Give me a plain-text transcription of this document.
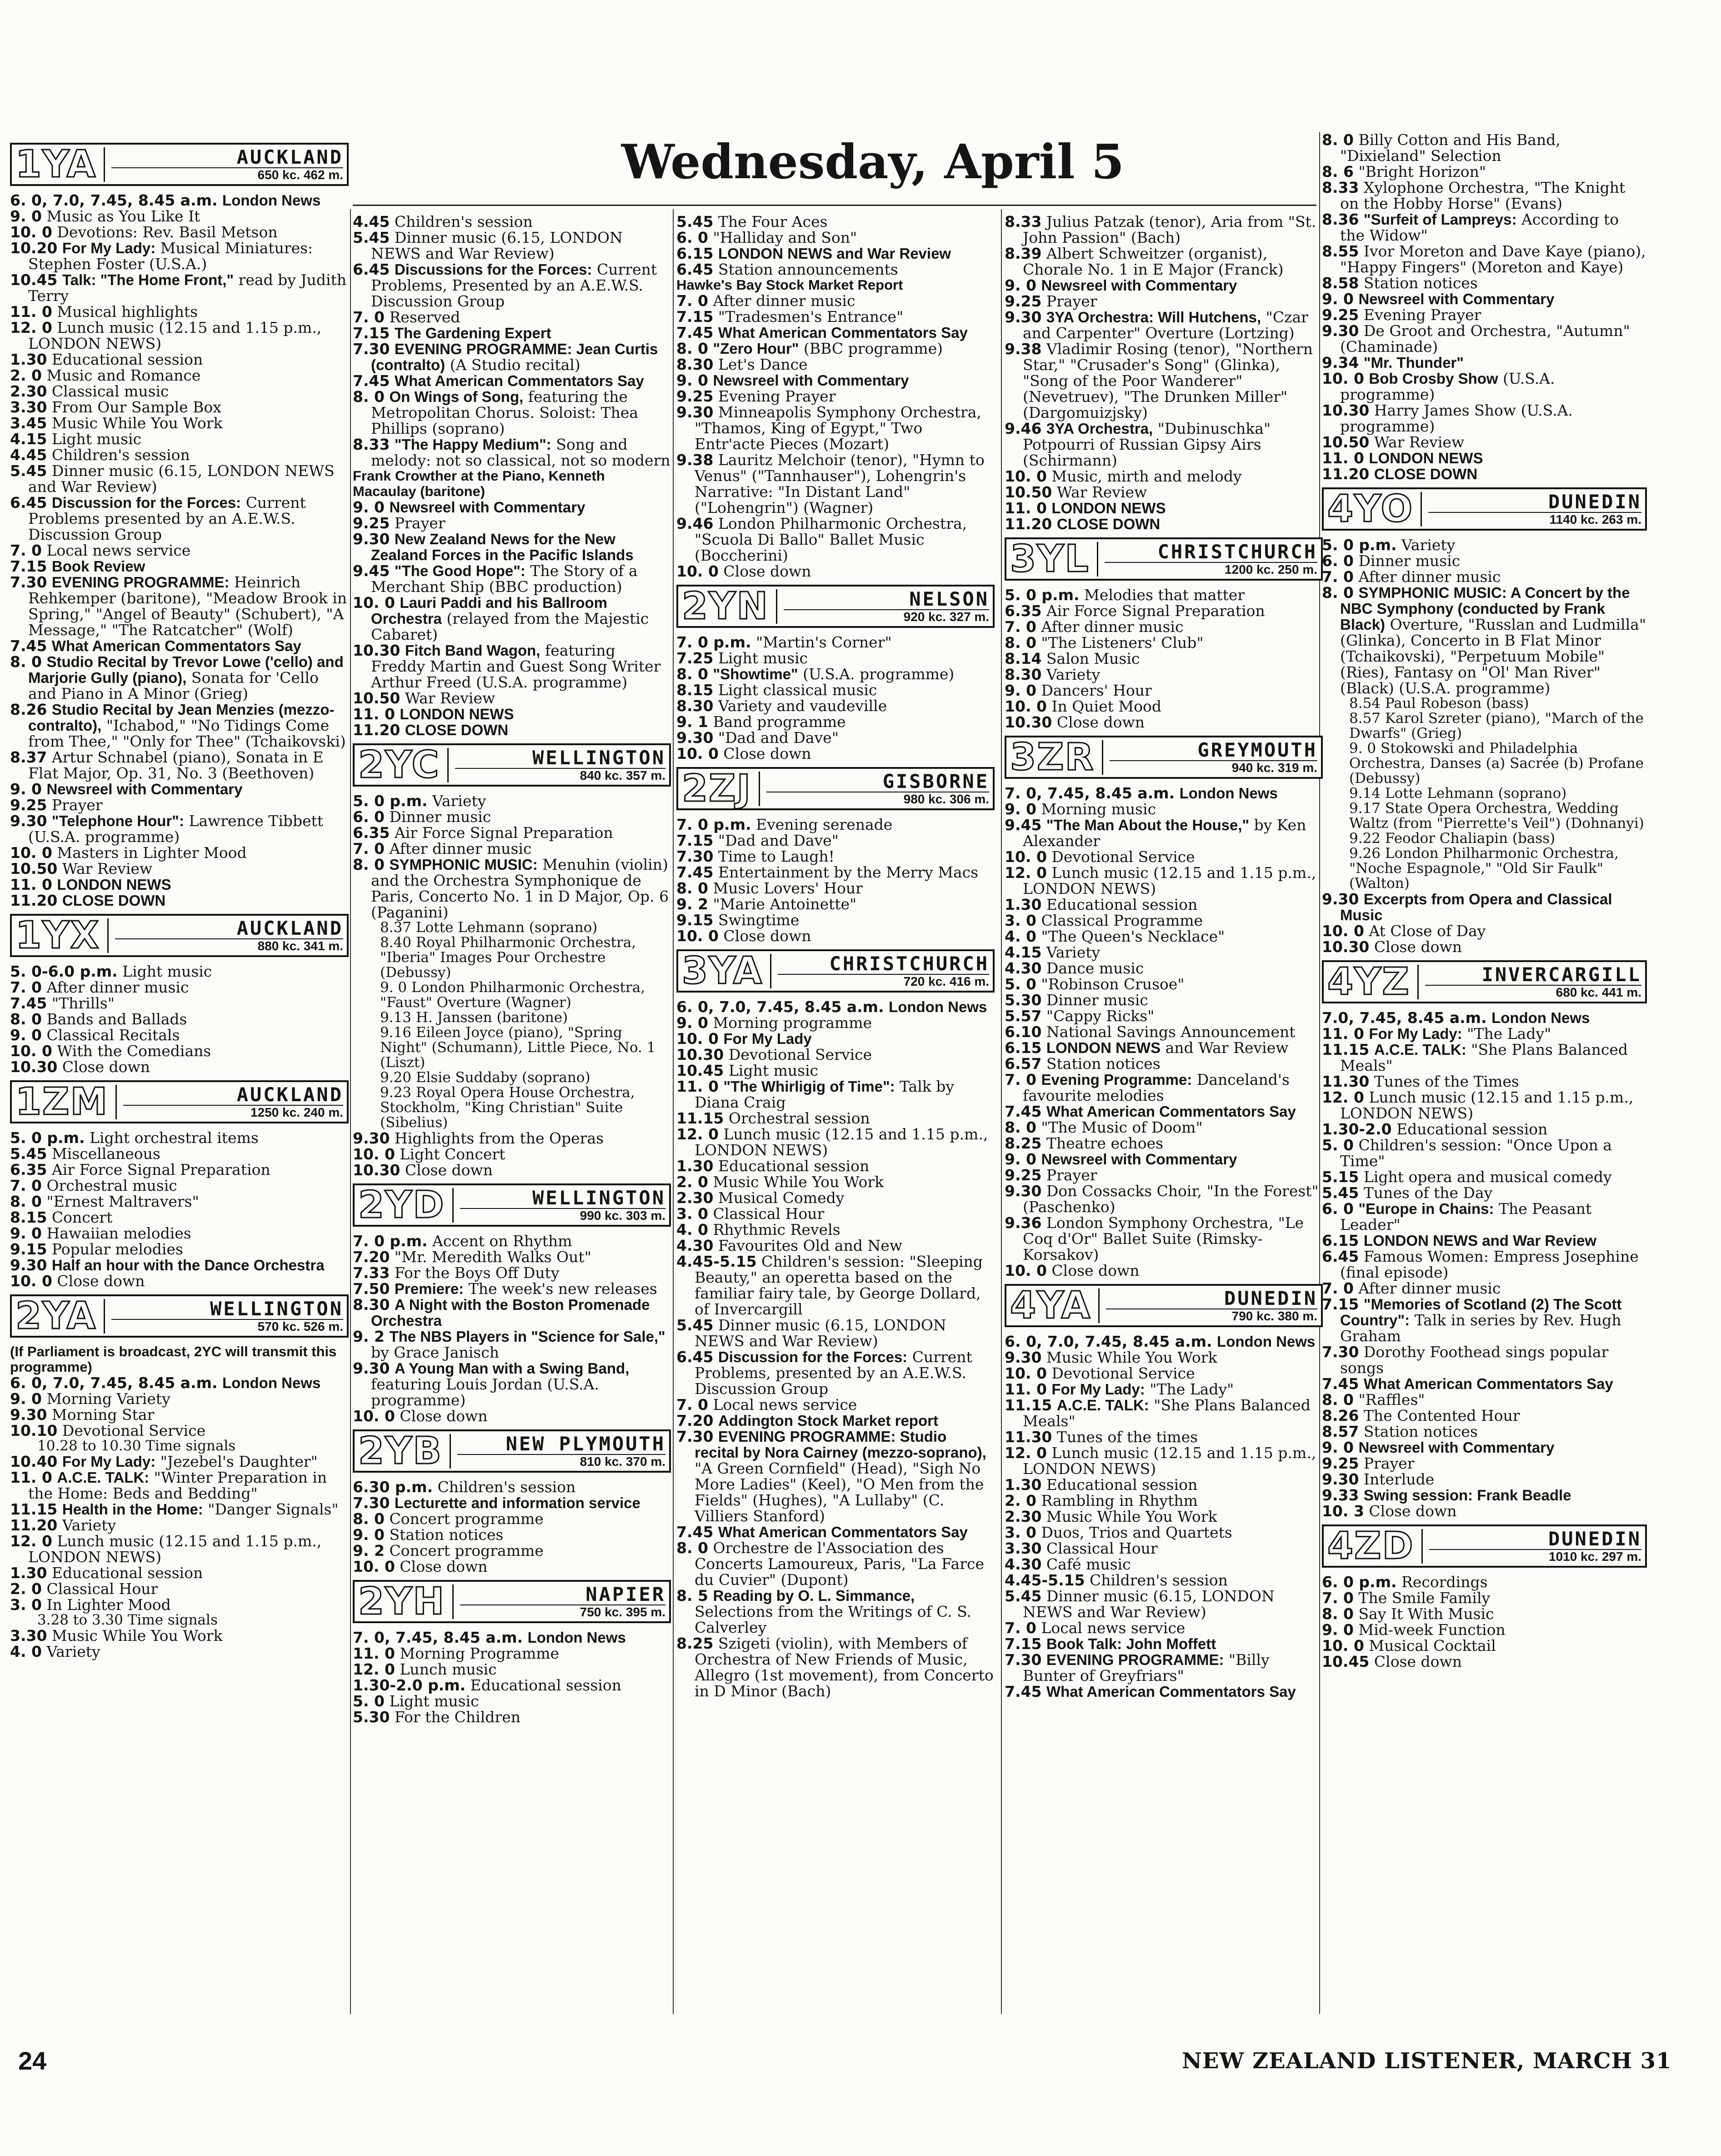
Wednesday, April 5
1YA	AUCKLAND
650 kc. 462 m.

6. 0, 7.0, 7.45, 8.45 a.m. London News

9. 0 Music as You Like It

10. 0 Devotions: Rev. Basil Metson

10.20 For My Lady: Musical Miniatures: Stephen Foster (U.S.A.)

10.45 Talk: "The Home Front," read by Judith Terry

11. 0 Musical highlights

12. 0 Lunch music (12.15 and 1.15 p.m., LONDON NEWS)

1.30 Educational session

2. 0 Music and Romance

2.30 Classical music

3.30 From Our Sample Box

3.45 Music While You Work

4.15 Light music

4.45 Children's session

5.45 Dinner music (6.15, LONDON NEWS and War Review)

6.45 Discussion for the Forces: Current Problems presented by an A.E.W.S. Discussion Group

7. 0 Local news service

7.15 Book Review

7.30 EVENING PROGRAMME: Heinrich Rehkemper (baritone), "Meadow Brook in Spring," "Angel of Beauty" (Schubert), "A Message," "The Ratcatcher" (Wolf)

7.45 What American Commentators Say

8. 0 Studio Recital by Trevor Lowe ('cello) and Marjorie Gully (piano), Sonata for 'Cello and Piano in A Minor (Grieg)

8.26 Studio Recital by Jean Menzies (mezzo-contralto), "Ichabod," "No Tidings Come from Thee," "Only for Thee" (Tchaikovski)

8.37 Artur Schnabel (piano), Sonata in E Flat Major, Op. 31, No. 3 (Beethoven)

9. 0 Newsreel with Commentary

9.25 Prayer

9.30 "Telephone Hour": Lawrence Tibbett (U.S.A. programme)

10. 0 Masters in Lighter Mood

10.50 War Review

11. 0 LONDON NEWS

11.20 CLOSE DOWN

1YX	AUCKLAND
880 kc. 341 m.

5. 0-6.0 p.m. Light music

7. 0 After dinner music

7.45 "Thrills"

8. 0 Bands and Ballads

9. 0 Classical Recitals

10. 0 With the Comedians

10.30 Close down

1ZM	AUCKLAND
1250 kc. 240 m.

5. 0 p.m. Light orchestral items

5.45 Miscellaneous

6.35 Air Force Signal Preparation

7. 0 Orchestral music

8. 0 "Ernest Maltravers"

8.15 Concert

9. 0 Hawaiian melodies

9.15 Popular melodies

9.30 Half an hour with the Dance Orchestra

10. 0 Close down

2YA	WELLINGTON
570 kc. 526 m.

(If Parliament is broadcast, 2YC will transmit this programme)

6. 0, 7.0, 7.45, 8.45 a.m. London News

9. 0 Morning Variety

9.30 Morning Star

10.10 Devotional Service

10.28 to 10.30 Time signals

10.40 For My Lady: "Jezebel's Daughter"

11. 0 A.C.E. TALK: "Winter Preparation in the Home: Beds and Bedding"

11.15 Health in the Home: "Danger Signals"

11.20 Variety

12. 0 Lunch music (12.15 and 1.15 p.m., LONDON NEWS)

1.30 Educational session

2. 0 Classical Hour

3. 0 In Lighter Mood

3.28 to 3.30 Time signals

3.30 Music While You Work

4. 0 Variety

4.45 Children's session

5.45 Dinner music (6.15, LONDON NEWS and War Review)

6.45 Discussions for the Forces: Current Problems, Presented by an A.E.W.S. Discussion Group

7. 0 Reserved

7.15 The Gardening Expert

7.30 EVENING PROGRAMME: Jean Curtis (contralto) (A Studio recital)

7.45 What American Commentators Say

8. 0 On Wings of Song, featuring the Metropolitan Chorus. Soloist: Thea Phillips (soprano)

8.33 "The Happy Medium": Song and melody: not so classical, not so modern

Frank Crowther at the Piano, Kenneth Macaulay (baritone)

9. 0 Newsreel with Commentary

9.25 Prayer

9.30 New Zealand News for the New Zealand Forces in the Pacific Islands

9.45 "The Good Hope": The Story of a Merchant Ship (BBC production)

10. 0 Lauri Paddi and his Ballroom Orchestra (relayed from the Majestic Cabaret)

10.30 Fitch Band Wagon, featuring Freddy Martin and Guest Song Writer Arthur Freed (U.S.A. programme)

10.50 War Review

11. 0 LONDON NEWS

11.20 CLOSE DOWN

2YC	WELLINGTON
840 kc. 357 m.

5. 0 p.m. Variety

6. 0 Dinner music

6.35 Air Force Signal Preparation

7. 0 After dinner music

8. 0 SYMPHONIC MUSIC: Menuhin (violin) and the Orchestra Symphonique de Paris, Concerto No. 1 in D Major, Op. 6 (Paganini)

8.37 Lotte Lehmann (soprano)

8.40 Royal Philharmonic Orchestra, "Iberia" Images Pour Orchestre (Debussy)

9. 0 London Philharmonic Orchestra, "Faust" Overture (Wagner)

9.13 H. Janssen (baritone)

9.16 Eileen Joyce (piano), "Spring Night" (Schumann), Little Piece, No. 1 (Liszt)

9.20 Elsie Suddaby (soprano)

9.23 Royal Opera House Orchestra, Stockholm, "King Christian" Suite (Sibelius)

9.30 Highlights from the Operas

10. 0 Light Concert

10.30 Close down

2YD	WELLINGTON
990 kc. 303 m.

7. 0 p.m. Accent on Rhythm

7.20 "Mr. Meredith Walks Out"

7.33 For the Boys Off Duty

7.50 Premiere: The week's new releases

8.30 A Night with the Boston Promenade Orchestra

9. 2 The NBS Players in "Science for Sale," by Grace Janisch

9.30 A Young Man with a Swing Band, featuring Louis Jordan (U.S.A. programme)

10. 0 Close down

2YB	NEW PLYMOUTH
810 kc. 370 m.

6.30 p.m. Children's session

7.30 Lecturette and information service

8. 0 Concert programme

9. 0 Station notices

9. 2 Concert programme

10. 0 Close down

2YH	NAPIER
750 kc. 395 m.

7. 0, 7.45, 8.45 a.m. London News

11. 0 Morning Programme

12. 0 Lunch music

1.30-2.0 p.m. Educational session

5. 0 Light music

5.30 For the Children

5.45 The Four Aces

6. 0 "Halliday and Son"

6.15 LONDON NEWS and War Review

6.45 Station announcements

Hawke's Bay Stock Market Report

7. 0 After dinner music

7.15 "Tradesmen's Entrance"

7.45 What American Commentators Say

8. 0 "Zero Hour" (BBC programme)

8.30 Let's Dance

9. 0 Newsreel with Commentary

9.25 Evening Prayer

9.30 Minneapolis Symphony Orchestra, "Thamos, King of Egypt," Two Entr'acte Pieces (Mozart)

9.38 Lauritz Melchoir (tenor), "Hymn to Venus" ("Tannhauser"), Lohengrin's Narrative: "In Distant Land" ("Lohengrin") (Wagner)

9.46 London Philharmonic Orchestra, "Scuola Di Ballo" Ballet Music (Boccherini)

10. 0 Close down

2YN	NELSON
920 kc. 327 m.

7. 0 p.m. "Martin's Corner"

7.25 Light music

8. 0 "Showtime" (U.S.A. programme)

8.15 Light classical music

8.30 Variety and vaudeville

9. 1 Band programme

9.30 "Dad and Dave"

10. 0 Close down

2ZJ	GISBORNE
980 kc. 306 m.

7. 0 p.m. Evening serenade

7.15 "Dad and Dave"

7.30 Time to Laugh!

7.45 Entertainment by the Merry Macs

8. 0 Music Lovers' Hour

9. 2 "Marie Antoinette"

9.15 Swingtime

10. 0 Close down

3YA	CHRISTCHURCH
720 kc. 416 m.

6. 0, 7.0, 7.45, 8.45 a.m. London News

9. 0 Morning programme

10. 0 For My Lady

10.30 Devotional Service

10.45 Light music

11. 0 "The Whirligig of Time": Talk by Diana Craig

11.15 Orchestral session

12. 0 Lunch music (12.15 and 1.15 p.m., LONDON NEWS)

1.30 Educational session

2. 0 Music While You Work

2.30 Musical Comedy

3. 0 Classical Hour

4. 0 Rhythmic Revels

4.30 Favourites Old and New

4.45-5.15 Children's session: "Sleeping Beauty," an operetta based on the familiar fairy tale, by George Dollard, of Invercargill

5.45 Dinner music (6.15, LONDON NEWS and War Review)

6.45 Discussion for the Forces: Current Problems, presented by an A.E.W.S. Discussion Group

7. 0 Local news service

7.20 Addington Stock Market report

7.30 EVENING PROGRAMME: Studio recital by Nora Cairney (mezzo-soprano), "A Green Cornfield" (Head), "Sigh No More Ladies" (Keel), "O Men from the Fields" (Hughes), "A Lullaby" (C. Villiers Stanford)

7.45 What American Commentators Say

8. 0 Orchestre de l'Association des Concerts Lamoureux, Paris, "La Farce du Cuvier" (Dupont)

8. 5 Reading by O. L. Simmance, Selections from the Writings of C. S. Calverley

8.25 Szigeti (violin), with Members of Orchestra of New Friends of Music, Allegro (1st movement), from Concerto in D Minor (Bach)

8.33 Julius Patzak (tenor), Aria from "St. John Passion" (Bach)

8.39 Albert Schweitzer (organist), Chorale No. 1 in E Major (Franck)

9. 0 Newsreel with Commentary

9.25 Prayer

9.30 3YA Orchestra: Will Hutchens, "Czar and Carpenter" Overture (Lortzing)

9.38 Vladimir Rosing (tenor), "Northern Star," "Crusader's Song" (Glinka), "Song of the Poor Wanderer" (Nevetruev), "The Drunken Miller" (Dargomuizjsky)

9.46 3YA Orchestra, "Dubinuschka" Potpourri of Russian Gipsy Airs (Schirmann)

10. 0 Music, mirth and melody

10.50 War Review

11. 0 LONDON NEWS

11.20 CLOSE DOWN

3YL	CHRISTCHURCH
1200 kc. 250 m.

5. 0 p.m. Melodies that matter

6.35 Air Force Signal Preparation

7. 0 After dinner music

8. 0 "The Listeners' Club"

8.14 Salon Music

8.30 Variety

9. 0 Dancers' Hour

10. 0 In Quiet Mood

10.30 Close down

3ZR	GREYMOUTH
940 kc. 319 m.

7. 0, 7.45, 8.45 a.m. London News

9. 0 Morning music

9.45 "The Man About the House," by Ken Alexander

10. 0 Devotional Service

12. 0 Lunch music (12.15 and 1.15 p.m., LONDON NEWS)

1.30 Educational session

3. 0 Classical Programme

4. 0 "The Queen's Necklace"

4.15 Variety

4.30 Dance music

5. 0 "Robinson Crusoe"

5.30 Dinner music

5.57 "Cappy Ricks"

6.10 National Savings Announcement

6.15 LONDON NEWS and War Review

6.57 Station notices

7. 0 Evening Programme: Danceland's favourite melodies

7.45 What American Commentators Say

8. 0 "The Music of Doom"

8.25 Theatre echoes

9. 0 Newsreel with Commentary

9.25 Prayer

9.30 Don Cossacks Choir, "In the Forest" (Paschenko)

9.36 London Symphony Orchestra, "Le Coq d'Or" Ballet Suite (Rimsky-Korsakov)

10. 0 Close down

4YA	DUNEDIN
790 kc. 380 m.

6. 0, 7.0, 7.45, 8.45 a.m. London News

9.30 Music While You Work

10. 0 Devotional Service

11. 0 For My Lady: "The Lady"

11.15 A.C.E. TALK: "She Plans Balanced Meals"

11.30 Tunes of the times

12. 0 Lunch music (12.15 and 1.15 p.m., LONDON NEWS)

1.30 Educational session

2. 0 Rambling in Rhythm

2.30 Music While You Work

3. 0 Duos, Trios and Quartets

3.30 Classical Hour

4.30 Café music

4.45-5.15 Children's session

5.45 Dinner music (6.15, LONDON NEWS and War Review)

7. 0 Local news service

7.15 Book Talk: John Moffett

7.30 EVENING PROGRAMME: "Billy Bunter of Greyfriars"

7.45 What American Commentators Say

8. 0 Billy Cotton and His Band, "Dixieland" Selection

8. 6 "Bright Horizon"

8.33 Xylophone Orchestra, "The Knight on the Hobby Horse" (Evans)

8.36 "Surfeit of Lampreys: According to the Widow"

8.55 Ivor Moreton and Dave Kaye (piano), "Happy Fingers" (Moreton and Kaye)

8.58 Station notices

9. 0 Newsreel with Commentary

9.25 Evening Prayer

9.30 De Groot and Orchestra, "Autumn" (Chaminade)

9.34 "Mr. Thunder"

10. 0 Bob Crosby Show (U.S.A. programme)

10.30 Harry James Show (U.S.A. programme)

10.50 War Review

11. 0 LONDON NEWS

11.20 CLOSE DOWN

4YO	DUNEDIN
1140 kc. 263 m.

5. 0 p.m. Variety

6. 0 Dinner music

7. 0 After dinner music

8. 0 SYMPHONIC MUSIC: A Concert by the NBC Symphony (conducted by Frank Black) Overture, "Russlan and Ludmilla" (Glinka), Concerto in B Flat Minor (Tchaikovski), "Perpetuum Mobile" (Ries), Fantasy on "Ol' Man River" (Black) (U.S.A. programme)

8.54 Paul Robeson (bass)

8.57 Karol Szreter (piano), "March of the Dwarfs" (Grieg)

9. 0 Stokowski and Philadelphia Orchestra, Danses (a) Sacrée (b) Profane (Debussy)

9.14 Lotte Lehmann (soprano)

9.17 State Opera Orchestra, Wedding Waltz (from "Pierrette's Veil") (Dohnanyi)

9.22 Feodor Chaliapin (bass)

9.26 London Philharmonic Orchestra, "Noche Espagnole," "Old Sir Faulk" (Walton)

9.30 Excerpts from Opera and Classical Music

10. 0 At Close of Day

10.30 Close down

4YZ	INVERCARGILL
680 kc. 441 m.

7.0, 7.45, 8.45 a.m. London News

11. 0 For My Lady: "The Lady"

11.15 A.C.E. TALK: "She Plans Balanced Meals"

11.30 Tunes of the Times

12. 0 Lunch music (12.15 and 1.15 p.m., LONDON NEWS)

1.30-2.0 Educational session

5. 0 Children's session: "Once Upon a Time"

5.15 Light opera and musical comedy

5.45 Tunes of the Day

6. 0 "Europe in Chains: The Peasant Leader"

6.15 LONDON NEWS and War Review

6.45 Famous Women: Empress Josephine (final episode)

7. 0 After dinner music

7.15 "Memories of Scotland (2) The Scott Country": Talk in series by Rev. Hugh Graham

7.30 Dorothy Foothead sings popular songs

7.45 What American Commentators Say

8. 0 "Raffles"

8.26 The Contented Hour

8.57 Station notices

9. 0 Newsreel with Commentary

9.25 Prayer

9.30 Interlude

9.33 Swing session: Frank Beadle

10. 3 Close down

4ZD	DUNEDIN
1010 kc. 297 m.

6. 0 p.m. Recordings

7. 0 The Smile Family

8. 0 Say It With Music

9. 0 Mid-week Function

10. 0 Musical Cocktail

10.45 Close down

24	NEW ZEALAND LISTENER, MARCH 31
